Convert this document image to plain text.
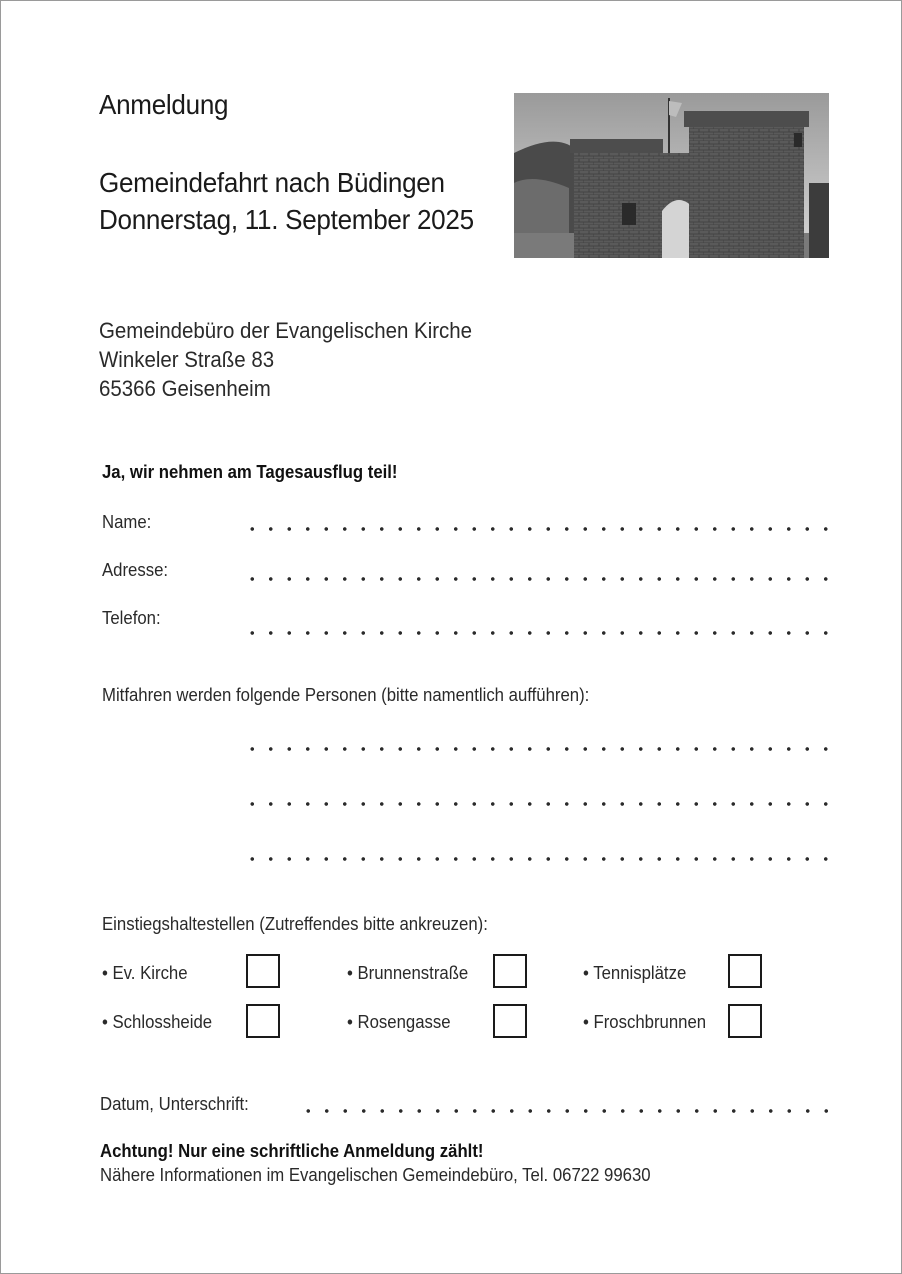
Anmeldung
Gemeindefahrt nach Büdingen
Donnerstag, 11. September 2025
Gemeindebüro der Evangelischen Kirche
Winkeler Straße 83
65366 Geisenheim
Ja, wir nehmen am Tagesausflug teil!
Name:
Adresse:
Telefon:
Mitfahren werden folgende Personen (bitte namentlich aufführen):
Einstiegshaltestellen (Zutreffendes bitte ankreuzen):
• Ev. Kirche	• Brunnenstraße	• Tennisplätze
• Schlossheide	• Rosengasse	• Froschbrunnen
Datum, Unterschrift:
Achtung! Nur eine schriftliche Anmeldung zählt!
Nähere Informationen im Evangelischen Gemeindebüro, Tel. 06722 99630
